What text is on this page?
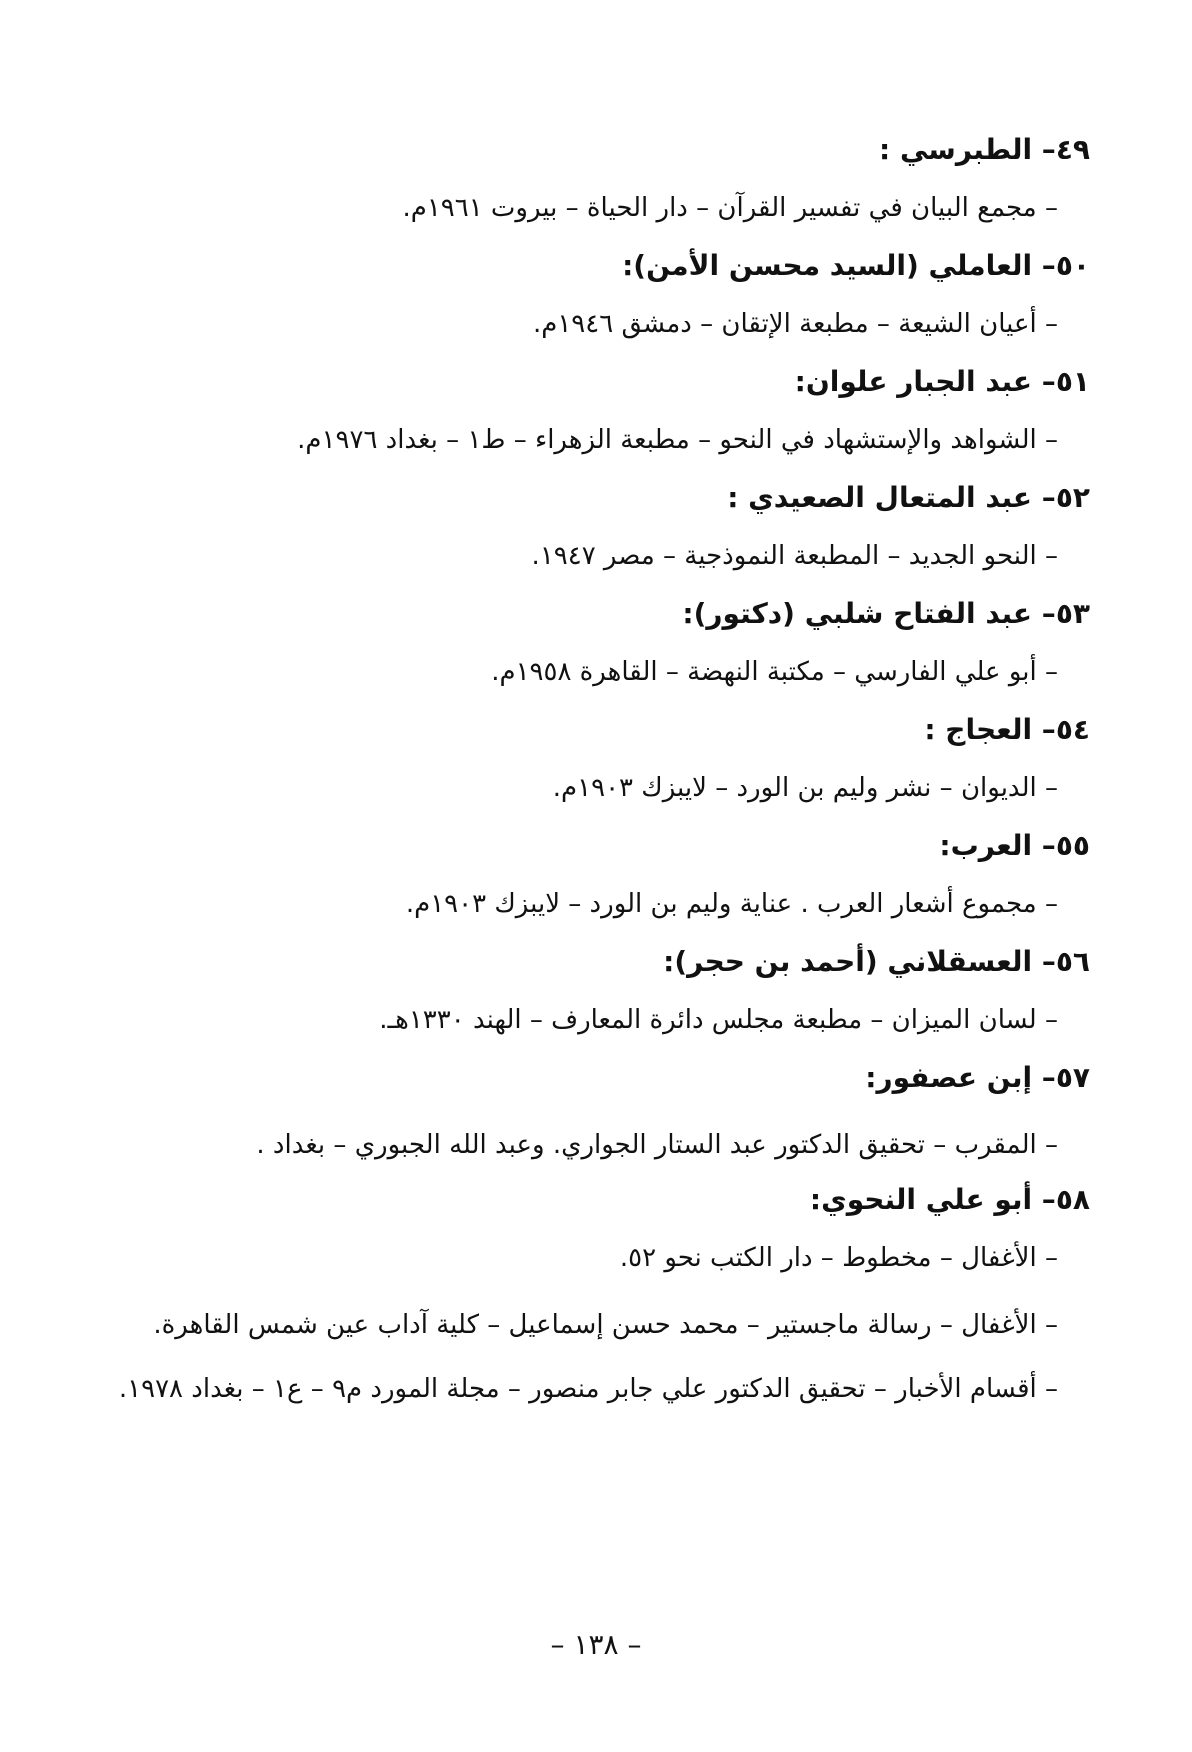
٤٩– الطبرسي :
– مجمع البيان في تفسير القرآن – دار الحياة – بيروت ١٩٦١م.
٥٠– العاملي (السيد محسن الأمن):
– أعيان الشيعة – مطبعة الإتقان – دمشق ١٩٤٦م.
٥١– عبد الجبار علوان:
– الشواهد والإستشهاد في النحو – مطبعة الزهراء – ط١ – بغداد ١٩٧٦م.
٥٢– عبد المتعال الصعيدي :
– النحو الجديد – المطبعة النموذجية – مصر ١٩٤٧.
٥٣– عبد الفتاح شلبي (دكتور):
– أبو علي الفارسي – مكتبة النهضة – القاهرة ١٩٥٨م.
٥٤– العجاج :
– الديوان – نشر وليم بن الورد – لايبزك ١٩٠٣م.
٥٥– العرب:
– مجموع أشعار العرب . عناية وليم بن الورد – لايبزك ١٩٠٣م.
٥٦– العسقلاني (أحمد بن حجر):
– لسان الميزان – مطبعة مجلس دائرة المعارف – الهند ١٣٣٠هـ.
٥٧– إبن عصفور:
– المقرب – تحقيق الدكتور عبد الستار الجواري. وعبد الله الجبوري – بغداد .
٥٨– أبو علي النحوي:
– الأغفال – مخطوط – دار الكتب نحو ٥٢.
– الأغفال – رسالة ماجستير – محمد حسن إسماعيل – كلية آداب عين شمس القاهرة.
– أقسام الأخبار – تحقيق الدكتور علي جابر منصور – مجلة المورد م٩ – ع١ – بغداد ١٩٧٨.
– ١٣٨ –
